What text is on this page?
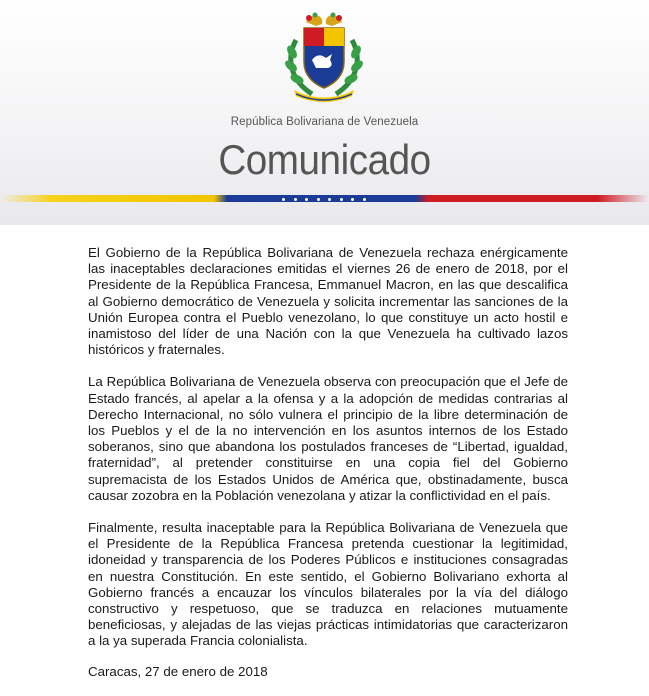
República Bolivariana de Venezuela
Comunicado

El Gobierno de la República Bolivariana de Venezuela rechaza enérgicamente las inaceptables declaraciones emitidas el viernes 26 de enero de 2018, por el Presidente de la República Francesa, Emmanuel Macron, en las que descalifica al Gobierno democrático de Venezuela y solicita incrementar las sanciones de la Unión Europea contra el Pueblo venezolano, lo que constituye un acto hostil e inamistoso del líder de una Nación con la que Venezuela ha cultivado lazos históricos y fraternales.

La República Bolivariana de Venezuela observa con preocupación que el Jefe de Estado francés, al apelar a la ofensa y a la adopción de medidas contrarias al Derecho Internacional, no sólo vulnera el principio de la libre determinación de los Pueblos y el de la no intervención en los asuntos internos de los Estado soberanos, sino que abandona los postulados franceses de “Libertad, igualdad, fraternidad”, al pretender constituirse en una copia fiel del Gobierno supremacista de los Estados Unidos de América que, obstinadamente, busca causar zozobra en la Población venezolana y atizar la conflictividad en el país.

Finalmente, resulta inaceptable para la República Bolivariana de Venezuela que el Presidente de la República Francesa pretenda cuestionar la legitimidad, idoneidad y transparencia de los Poderes Públicos e instituciones consagradas en nuestra Constitución. En este sentido, el Gobierno Bolivariano exhorta al Gobierno francés a encauzar los vínculos bilaterales por la vía del diálogo constructivo y respetuoso, que se traduzca en relaciones mutuamente beneficiosas, y alejadas de las viejas prácticas intimidatorias que caracterizaron a la ya superada Francia colonialista.

Caracas, 27 de enero de 2018
